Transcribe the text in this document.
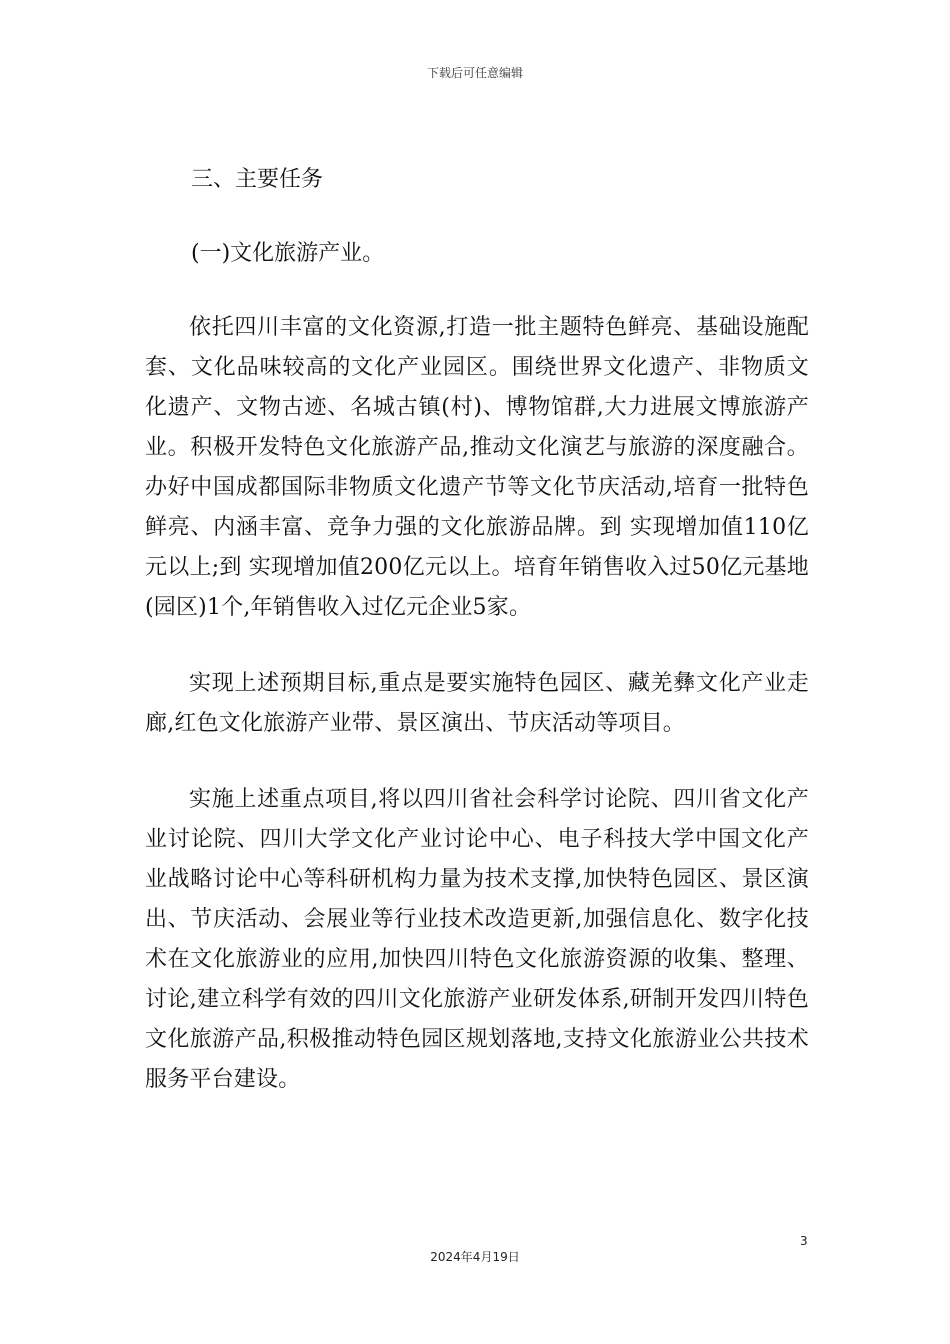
下载后可任意编辑

三、主要任务

(一)文化旅游产业。

依托四川丰富的文化资源,打造一批主题特色鲜亮、基础设施配套、文化品味较高的文化产业园区。围绕世界文化遗产、非物质文化遗产、文物古迹、名城古镇(村)、博物馆群,大力进展文博旅游产业。积极开发特色文化旅游产品,推动文化演艺与旅游的深度融合。办好中国成都国际非物质文化遗产节等文化节庆活动,培育一批特色鲜亮、内涵丰富、竞争力强的文化旅游品牌。到 实现增加值110亿元以上;到 实现增加值200亿元以上。培育年销售收入过50亿元基地(园区)1个,年销售收入过亿元企业5家。

实现上述预期目标,重点是要实施特色园区、藏羌彝文化产业走廊,红色文化旅游产业带、景区演出、节庆活动等项目。

实施上述重点项目,将以四川省社会科学讨论院、四川省文化产业讨论院、四川大学文化产业讨论中心、电子科技大学中国文化产业战略讨论中心等科研机构力量为技术支撑,加快特色园区、景区演出、节庆活动、会展业等行业技术改造更新,加强信息化、数字化技术在文化旅游业的应用,加快四川特色文化旅游资源的收集、整理、讨论,建立科学有效的四川文化旅游产业研发体系,研制开发四川特色文化旅游产品,积极推动特色园区规划落地,支持文化旅游业公共技术服务平台建设。

3
2024年4月19日
